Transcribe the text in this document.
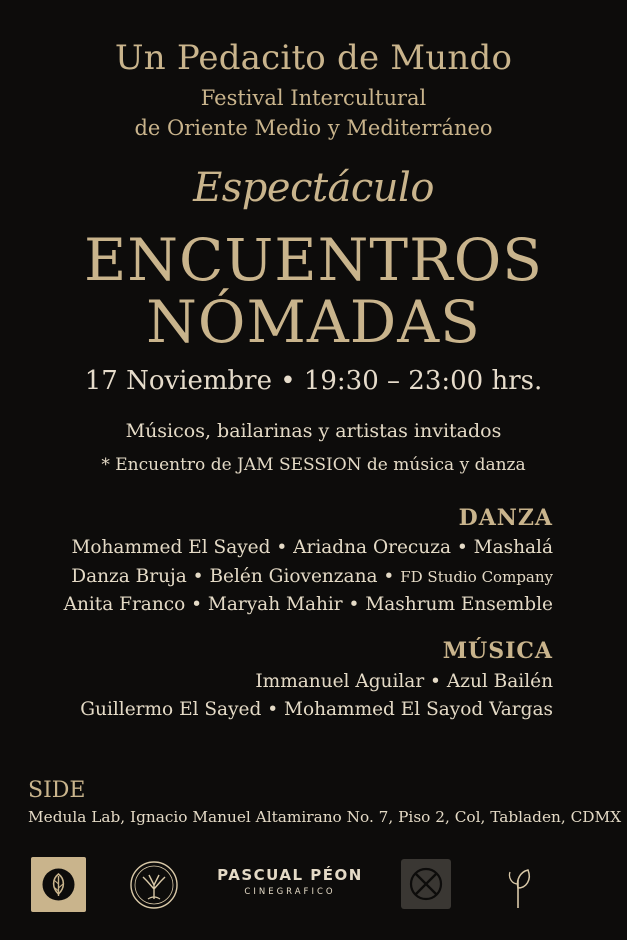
Un Pedacito de Mundo
Festival Intercultural
de Oriente Medio y Mediterráneo
Espectáculo
ENCUENTROS
NÓMADAS
17 Noviembre • 19:30 – 23:00 hrs.
Músicos, bailarinas y artistas invitados
* Encuentro de JAM SESSION de música y danza
DANZA
Mohammed El Sayed • Ariadna Orecuza • Mashalá
Danza Bruja • Belén Giovenzana • FD Studio Company
Anita Franco • Maryah Mahir • Mashrum Ensemble
MÚSICA
Immanuel Aguilar • Azul Bailén
Guillermo El Sayed • Mohammed El Sayod Vargas
SIDE
Medula Lab, Ignacio Manuel Altamirano No. 7, Piso 2, Col, Tabladen, CDMX
PASCUAL PÉON
CINEGRAFICO
